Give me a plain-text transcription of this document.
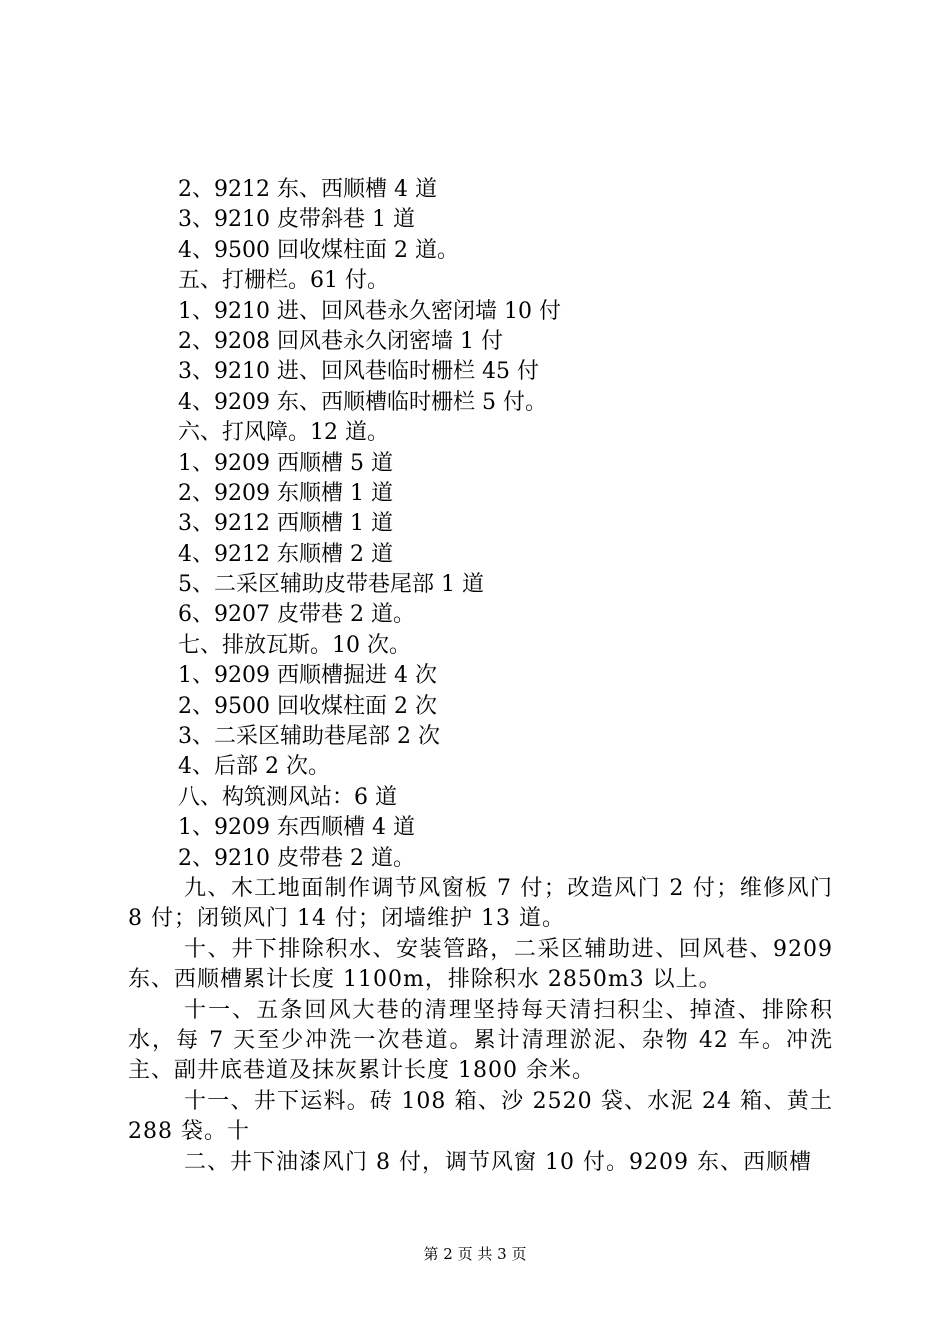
2、9212 东、西顺槽 4 道
3、9210 皮带斜巷 1 道
4、9500 回收煤柱面 2 道。
五、打栅栏。61 付。
1、9210 进、回风巷永久密闭墙 10 付
2、9208 回风巷永久闭密墙 1 付
3、9210 进、回风巷临时栅栏 45 付
4、9209 东、西顺槽临时栅栏 5 付。
六、打风障。12 道。
1、9209 西顺槽 5 道
2、9209 东顺槽 1 道
3、9212 西顺槽 1 道
4、9212 东顺槽 2 道
5、二采区辅助皮带巷尾部 1 道
6、9207 皮带巷 2 道。
七、排放瓦斯。10 次。
1、9209 西顺槽掘进 4 次
2、9500 回收煤柱面 2 次
3、二采区辅助巷尾部 2 次
4、后部 2 次。
八、构筑测风站：6 道
1、9209 东西顺槽 4 道
2、9210 皮带巷 2 道。

九、木工地面制作调节风窗板 7 付；改造风门 2 付；维修风门 8 付；闭锁风门 14 付；闭墙维护 13 道。

十、井下排除积水、安装管路，二采区辅助进、回风巷、9209 东、西顺槽累计长度 1100m，排除积水 2850m3 以上。

十一、五条回风大巷的清理坚持每天清扫积尘、掉渣、排除积水，每 7 天至少冲洗一次巷道。累计清理淤泥、杂物 42 车。冲洗主、副井底巷道及抹灰累计长度 1800 余米。

十一、井下运料。砖 108 箱、沙 2520 袋、水泥 24 箱、黄土 288 袋。十

二、井下油漆风门 8 付，调节风窗 10 付。9209 东、西顺槽

第 2 页 共 3 页
